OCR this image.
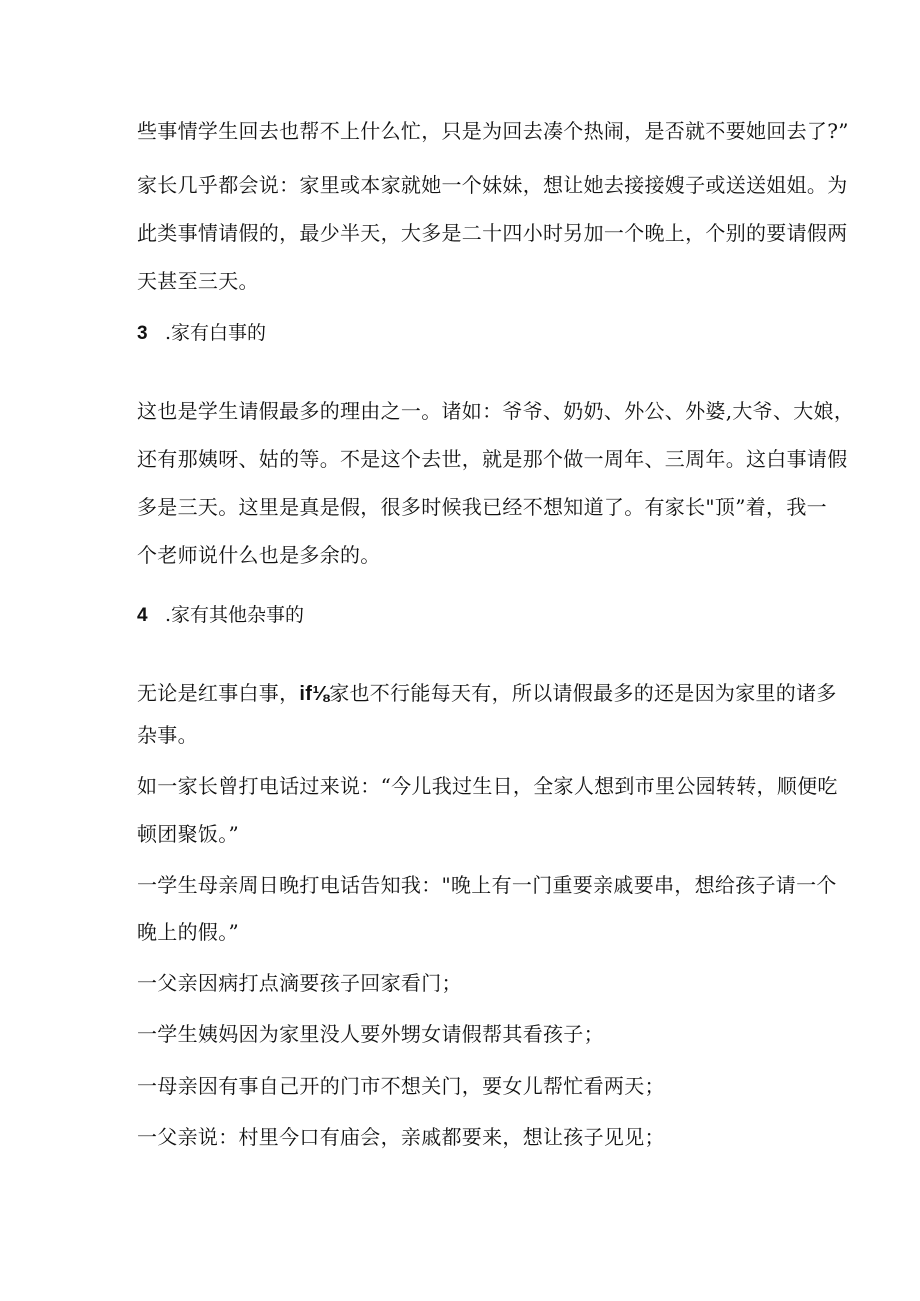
些事情学生回去也帮不上什么忙，只是为回去凑个热闹，是否就不要她回去了?”
家长几乎都会说：家里或本家就她一个妹妹，想让她去接接嫂子或送送姐姐。为
此类事情请假的，最少半天，大多是二十四小时另加一个晚上，个别的要请假两
天甚至三天。
3 .家有白事的
这也是学生请假最多的理由之一。诸如：爷爷、奶奶、外公、外婆,大爷、大娘，
还有那姨呀、姑的等。不是这个去世，就是那个做一周年、三周年。这白事请假
多是三天。这里是真是假，很多时候我已经不想知道了。有家长"顶”着，我一
个老师说什么也是多余的。
4 .家有其他杂事的
无论是红事白事，if⅛家也不行能每天有，所以请假最多的还是因为家里的诸多
杂事。
如一家长曾打电话过来说：“今儿我过生日，全家人想到市里公园转转，顺便吃
顿团聚饭。”
一学生母亲周日晚打电话告知我："晚上有一门重要亲戚要串，想给孩子请一个
晚上的假。”
一父亲因病打点滴要孩子回家看门；
一学生姨妈因为家里没人要外甥女请假帮其看孩子；
一母亲因有事自己开的门市不想关门，要女儿帮忙看两天；
一父亲说：村里今口有庙会，亲戚都要来，想让孩子见见；
